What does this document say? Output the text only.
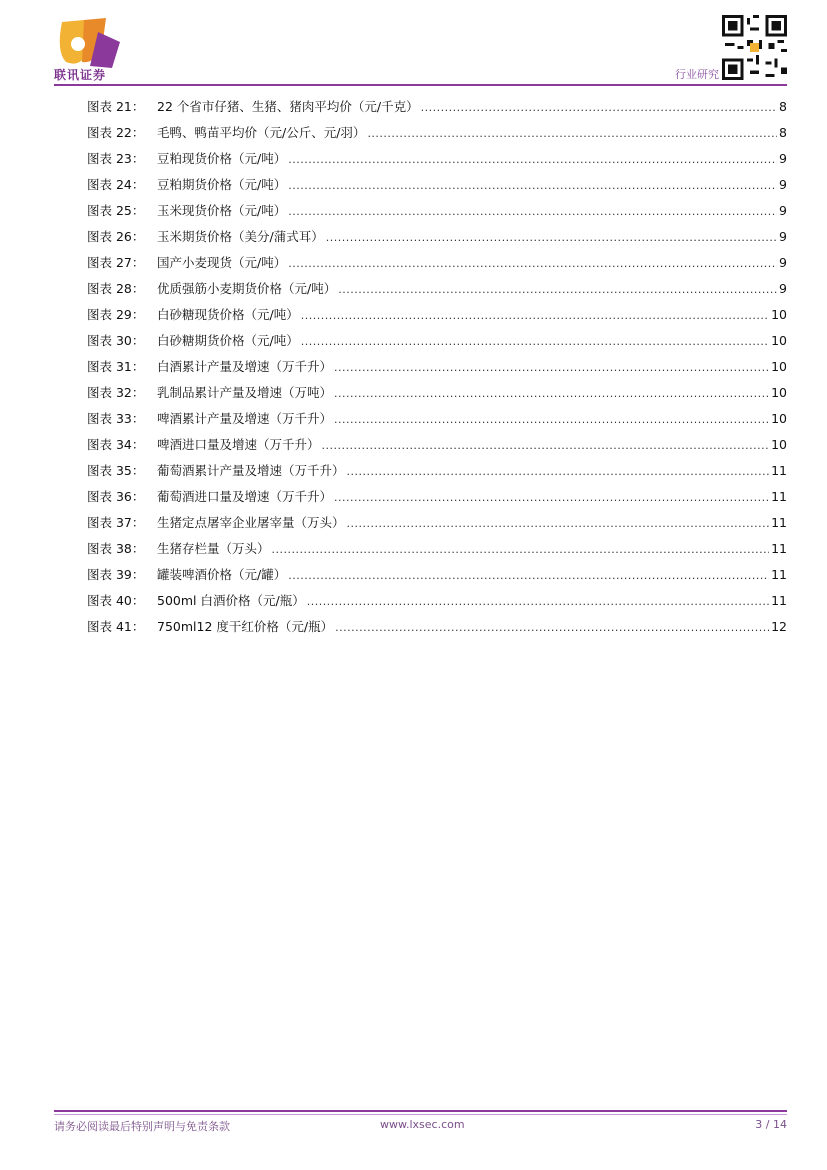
联讯证券	行业研究
图表 21：	22 个省市仔猪、生猪、猪肉平均价（元/千克） .....	8
图表 22：	毛鸭、鸭苗平均价（元/公斤、元/羽） .....	8
图表 23：	豆粕现货价格（元/吨） .....	9
图表 24：	豆粕期货价格（元/吨） .....	9
图表 25：	玉米现货价格（元/吨） .....	9
图表 26：	玉米期货价格（美分/蒲式耳） .....	9
图表 27：	国产小麦现货（元/吨） .....	9
图表 28：	优质强筋小麦期货价格（元/吨） .....	9
图表 29：	白砂糖现货价格（元/吨） .....	10
图表 30：	白砂糖期货价格（元/吨） .....	10
图表 31：	白酒累计产量及增速（万千升） .....	10
图表 32：	乳制品累计产量及增速（万吨） .....	10
图表 33：	啤酒累计产量及增速（万千升） .....	10
图表 34：	啤酒进口量及增速（万千升） .....	10
图表 35：	葡萄酒累计产量及增速（万千升） .....	11
图表 36：	葡萄酒进口量及增速（万千升） .....	11
图表 37：	生猪定点屠宰企业屠宰量（万头） .....	11
图表 38：	生猪存栏量（万头） .....	11
图表 39：	罐装啤酒价格（元/罐） .....	11
图表 40：	500ml 白酒价格（元/瓶） .....	11
图表 41：	750ml12 度干红价格（元/瓶） .....	12
请务必阅读最后特别声明与免责条款	www.lxsec.com	3 / 14
